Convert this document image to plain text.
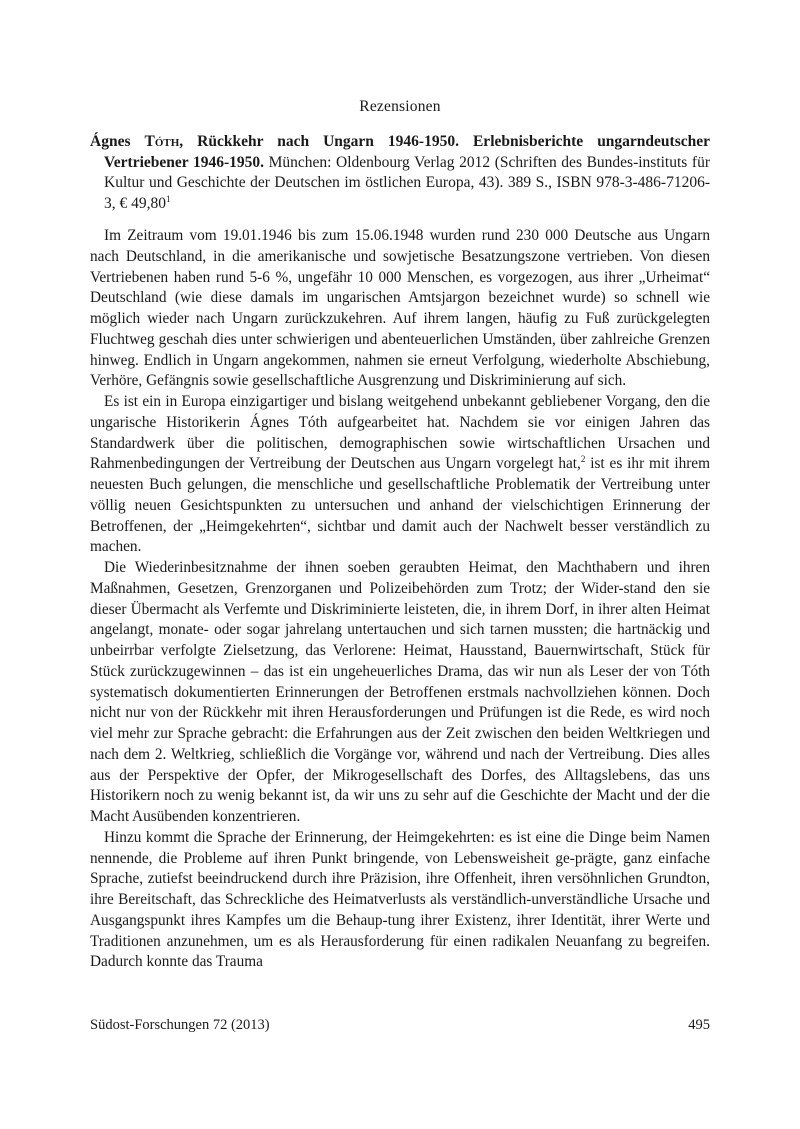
Rezensionen
Ágnes Tóth, Rückkehr nach Ungarn 1946-1950. Erlebnisberichte ungarndeutscher Vertriebener 1946-1950. München: Oldenbourg Verlag 2012 (Schriften des Bundes-instituts für Kultur und Geschichte der Deutschen im östlichen Europa, 43). 389 S., ISBN 978-3-486-71206-3, € 49,80$^1$

Im Zeitraum vom 19.01.1946 bis zum 15.06.1948 wurden rund 230 000 Deutsche aus Ungarn nach Deutschland, in die amerikanische und sowjetische Besatzungszone vertrieben. Von diesen Vertriebenen haben rund 5-6 %, ungefähr 10 000 Menschen, es vorgezogen, aus ihrer „Urheimat“ Deutschland (wie diese damals im ungarischen Amtsjargon bezeichnet wurde) so schnell wie möglich wieder nach Ungarn zurückzukehren. Auf ihrem langen, häufig zu Fuß zurückgelegten Fluchtweg geschah dies unter schwierigen und abenteuerlichen Umständen, über zahlreiche Grenzen hinweg. Endlich in Ungarn angekommen, nahmen sie erneut Verfolgung, wiederholte Abschiebung, Verhöre, Gefängnis sowie gesellschaftliche Ausgrenzung und Diskriminierung auf sich.

Es ist ein in Europa einzigartiger und bislang weitgehend unbekannt gebliebener Vorgang, den die ungarische Historikerin Ágnes Tóth aufgearbeitet hat. Nachdem sie vor einigen Jahren das Standardwerk über die politischen, demographischen sowie wirtschaftlichen Ursachen und Rahmenbedingungen der Vertreibung der Deutschen aus Ungarn vorgelegt hat,$^2$ ist es ihr mit ihrem neuesten Buch gelungen, die menschliche und gesellschaftliche Problematik der Vertreibung unter völlig neuen Gesichtspunkten zu untersuchen und anhand der vielschichtigen Erinnerung der Betroffenen, der „Heimgekehrten“, sichtbar und damit auch der Nachwelt besser verständlich zu machen.

Die Wiederinbesitznahme der ihnen soeben geraubten Heimat, den Machthabern und ihren Maßnahmen, Gesetzen, Grenzorganen und Polizeibehörden zum Trotz; der Wider-stand den sie dieser Übermacht als Verfemte und Diskriminierte leisteten, die, in ihrem Dorf, in ihrer alten Heimat angelangt, monate- oder sogar jahrelang untertauchen und sich tarnen mussten; die hartnäckig und unbeirrbar verfolgte Zielsetzung, das Verlorene: Heimat, Hausstand, Bauernwirtschaft, Stück für Stück zurückzugewinnen – das ist ein ungeheuerliches Drama, das wir nun als Leser der von Tóth systematisch dokumentierten Erinnerungen der Betroffenen erstmals nachvollziehen können. Doch nicht nur von der Rückkehr mit ihren Herausforderungen und Prüfungen ist die Rede, es wird noch viel mehr zur Sprache gebracht: die Erfahrungen aus der Zeit zwischen den beiden Weltkriegen und nach dem 2. Weltkrieg, schließlich die Vorgänge vor, während und nach der Vertreibung. Dies alles aus der Perspektive der Opfer, der Mikrogesellschaft des Dorfes, des Alltagslebens, das uns Historikern noch zu wenig bekannt ist, da wir uns zu sehr auf die Geschichte der Macht und der die Macht Ausübenden konzentrieren.

Hinzu kommt die Sprache der Erinnerung, der Heimgekehrten: es ist eine die Dinge beim Namen nennende, die Probleme auf ihren Punkt bringende, von Lebensweisheit ge-prägte, ganz einfache Sprache, zutiefst beeindruckend durch ihre Präzision, ihre Offenheit, ihren versöhnlichen Grundton, ihre Bereitschaft, das Schreckliche des Heimatverlusts als verständlich-unverständliche Ursache und Ausgangspunkt ihres Kampfes um die Behaup-tung ihrer Existenz, ihrer Identität, ihrer Werte und Traditionen anzunehmen, um es als Herausforderung für einen radikalen Neuanfang zu begreifen. Dadurch konnte das Trauma

Südost-Forschungen 72 (2013)	495
